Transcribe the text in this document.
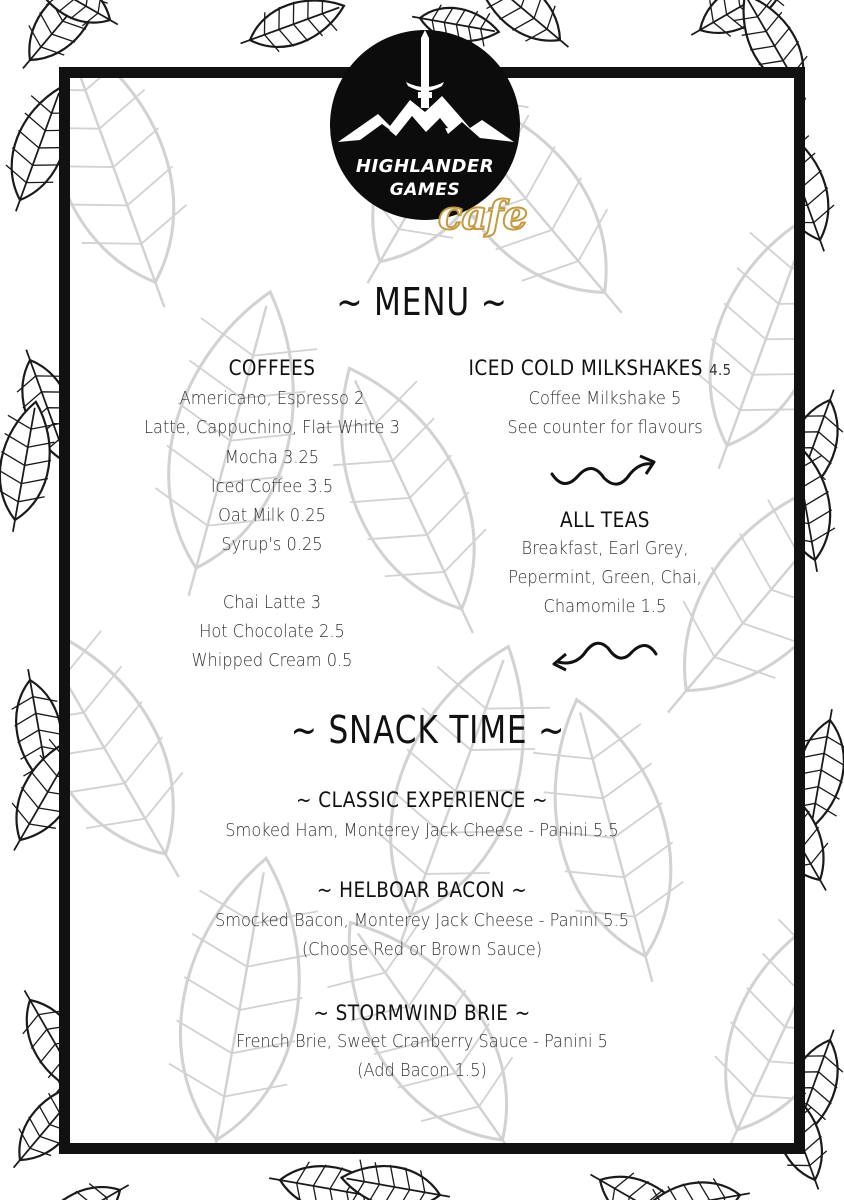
HIGHLANDER
GAMES
cafe
~ MENU ~
COFFEES
Americano, Espresso 2
Latte, Cappuchino, Flat White 3
Mocha 3.25
Iced Coffee 3.5
Oat Milk 0.25
Syrup's 0.25
Chai Latte 3
Hot Chocolate 2.5
Whipped Cream 0.5
ICED COLD MILKSHAKES 4.5
Coffee Milkshake 5
See counter for flavours
ALL TEAS
Breakfast, Earl Grey,
Pepermint, Green, Chai,
Chamomile 1.5
~ SNACK TIME ~
~ CLASSIC EXPERIENCE ~
Smoked Ham, Monterey Jack Cheese - Panini 5.5
~ HELBOAR BACON ~
Smocked Bacon, Monterey Jack Cheese - Panini 5.5
(Choose Red or Brown Sauce)
~ STORMWIND BRIE ~
French Brie, Sweet Cranberry Sauce - Panini 5
(Add Bacon 1.5)
